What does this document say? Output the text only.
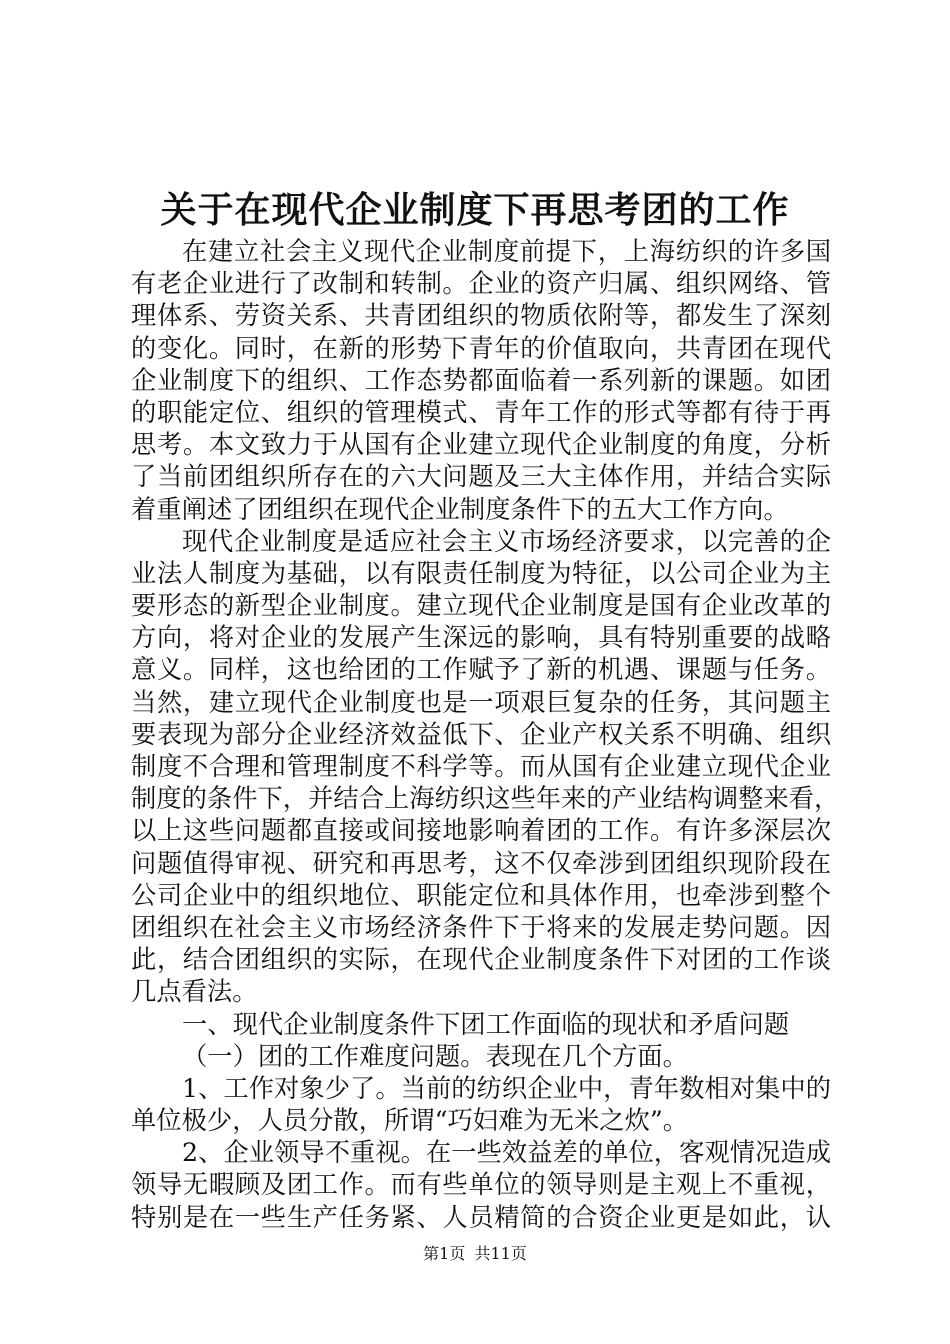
关于在现代企业制度下再思考团的工作
在建立社会主义现代企业制度前提下，上海纺织的许多国
有老企业进行了改制和转制。企业的资产归属、组织网络、管
理体系、劳资关系、共青团组织的物质依附等，都发生了深刻
的变化。同时，在新的形势下青年的价值取向，共青团在现代
企业制度下的组织、工作态势都面临着一系列新的课题。如团
的职能定位、组织的管理模式、青年工作的形式等都有待于再
思考。本文致力于从国有企业建立现代企业制度的角度，分析
了当前团组织所存在的六大问题及三大主体作用，并结合实际
着重阐述了团组织在现代企业制度条件下的五大工作方向。
现代企业制度是适应社会主义市场经济要求，以完善的企
业法人制度为基础，以有限责任制度为特征，以公司企业为主
要形态的新型企业制度。建立现代企业制度是国有企业改革的
方向，将对企业的发展产生深远的影响，具有特别重要的战略
意义。同样，这也给团的工作赋予了新的机遇、课题与任务。
当然，建立现代企业制度也是一项艰巨复杂的任务，其问题主
要表现为部分企业经济效益低下、企业产权关系不明确、组织
制度不合理和管理制度不科学等。而从国有企业建立现代企业
制度的条件下，并结合上海纺织这些年来的产业结构调整来看，
以上这些问题都直接或间接地影响着团的工作。有许多深层次
问题值得审视、研究和再思考，这不仅牵涉到团组织现阶段在
公司企业中的组织地位、职能定位和具体作用，也牵涉到整个
团组织在社会主义市场经济条件下于将来的发展走势问题。因
此，结合团组织的实际，在现代企业制度条件下对团的工作谈
几点看法。
一、现代企业制度条件下团工作面临的现状和矛盾问题
（一）团的工作难度问题。表现在几个方面。
1、工作对象少了。当前的纺织企业中，青年数相对集中的
单位极少，人员分散，所谓“巧妇难为无米之炊”。
2、企业领导不重视。在一些效益差的单位，客观情况造成
领导无暇顾及团工作。而有些单位的领导则是主观上不重视，
特别是在一些生产任务紧、人员精简的合资企业更是如此，认
第1页 共11页
